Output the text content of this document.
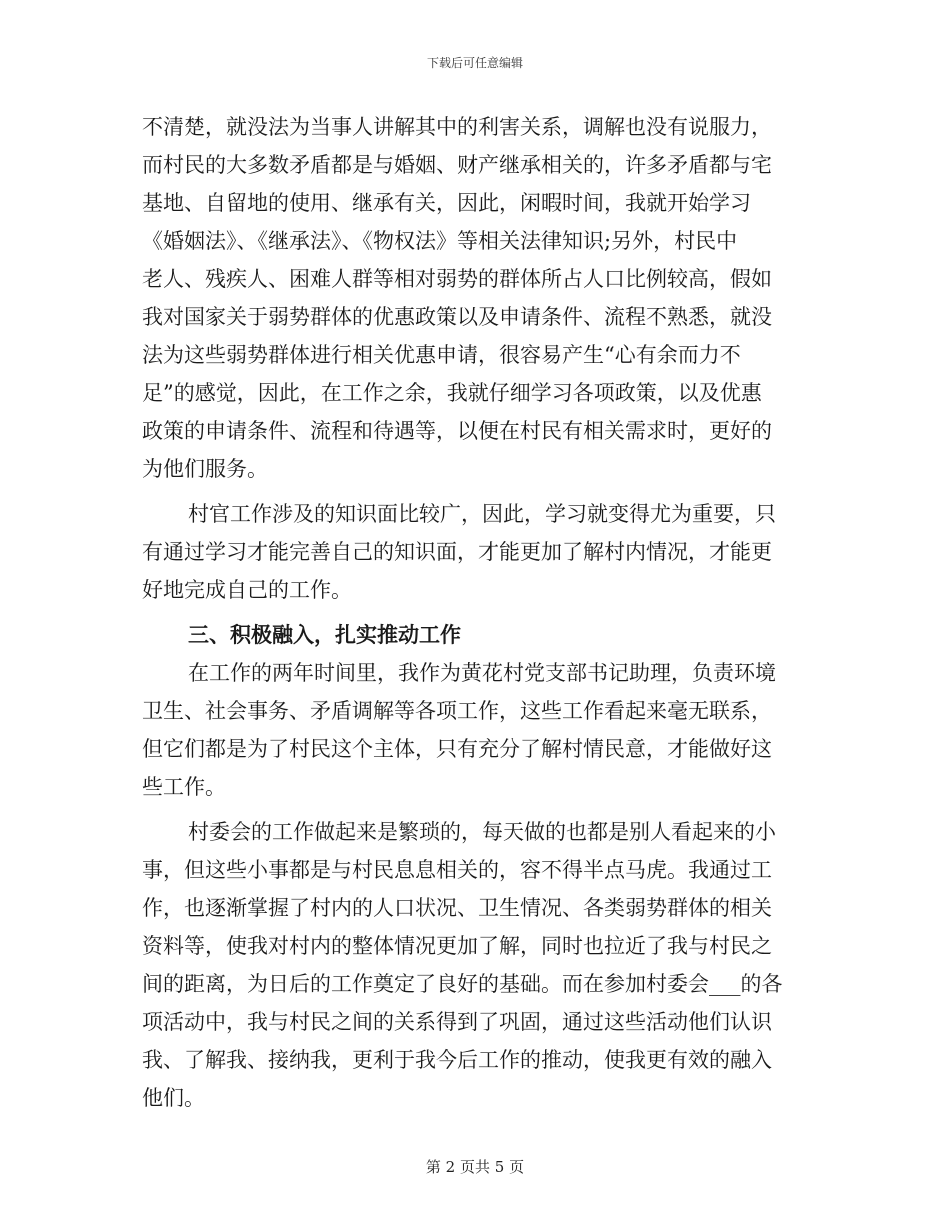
下载后可任意编辑
不清楚，就没法为当事人讲解其中的利害关系，调解也没有说服力，
而村民的大多数矛盾都是与婚姻、财产继承相关的，许多矛盾都与宅
基地、自留地的使用、继承有关，因此，闲暇时间，我就开始学习
《婚姻法》、《继承法》、《物权法》等相关法律知识;另外，村民中
老人、残疾人、困难人群等相对弱势的群体所占人口比例较高，假如
我对国家关于弱势群体的优惠政策以及申请条件、流程不熟悉，就没
法为这些弱势群体进行相关优惠申请，很容易产生“心有余而力不
足”的感觉，因此，在工作之余，我就仔细学习各项政策，以及优惠
政策的申请条件、流程和待遇等，以便在村民有相关需求时，更好的
为他们服务。
村官工作涉及的知识面比较广，因此，学习就变得尤为重要，只
有通过学习才能完善自己的知识面，才能更加了解村内情况，才能更
好地完成自己的工作。
三、积极融入，扎实推动工作
在工作的两年时间里，我作为黄花村党支部书记助理，负责环境
卫生、社会事务、矛盾调解等各项工作，这些工作看起来毫无联系，
但它们都是为了村民这个主体，只有充分了解村情民意，才能做好这
些工作。
村委会的工作做起来是繁琐的，每天做的也都是别人看起来的小
事，但这些小事都是与村民息息相关的，容不得半点马虎。我通过工
作，也逐渐掌握了村内的人口状况、卫生情况、各类弱势群体的相关
资料等，使我对村内的整体情况更加了解，同时也拉近了我与村民之
间的距离，为日后的工作奠定了良好的基础。而在参加村委会___的各
项活动中，我与村民之间的关系得到了巩固，通过这些活动他们认识
我、了解我、接纳我，更利于我今后工作的推动，使我更有效的融入
他们。
第 2 页共 5 页
